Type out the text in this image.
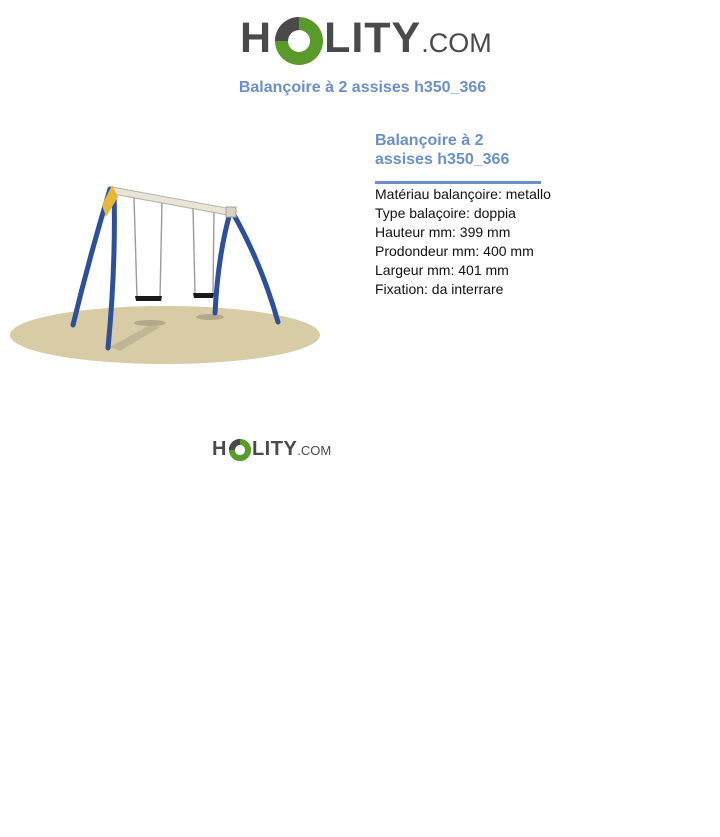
H LITY .COM
Balançoire à 2 assises h350_366
Balançoire à 2
assises h350_366
Matériau balançoire: metallo
Type balaçoire: doppia
Hauteur mm: 399 mm
Prodondeur mm: 400 mm
Largeur mm: 401 mm
Fixation: da interrare
H LITY .COM
